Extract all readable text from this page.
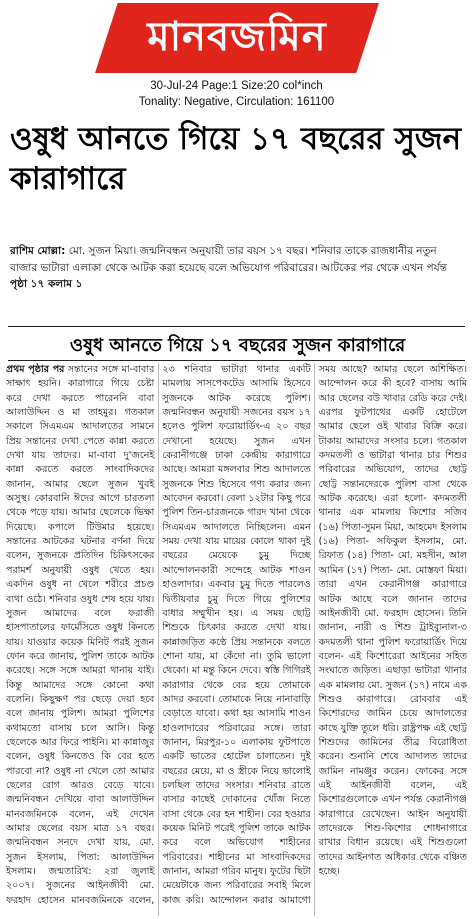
মানবজমিন
30-Jul-24 Page:1 Size:20 col*inch
Tonality: Negative, Circulation: 161100
ওষুধ আনতে গিয়ে ১৭ বছরের সুজন কারাগারে
রাশিম মোল্লা: মো. সুজন মিয়া। জন্মনিবন্ধন অনুযায়ী তার বয়স ১৭ বছর। শনিবার তাকে রাজধানীর নতুন বাজার ভাটারা এলাকা থেকে আটক করা হয়েছে বলে অভিযোগ পরিবারের। আটকের পর থেকে এখন পর্যন্ত পৃষ্ঠা ১৭ কলাম ১
ওষুধ আনতে গিয়ে ১৭ বছরের সুজন কারাগারে

প্রথম পৃষ্ঠার পর সন্তানের সঙ্গে মা-বাবার সাক্ষাৎ হয়নি। কারাগারে গিয়ে চেষ্টা করে দেখা করতে পারেননি বাবা আলাউদ্দিন ও মা তাহমুর। গতকাল সকালে সিএমএম আদালতের সামনে প্রিয় সন্তানের দেখা পেতে কান্না করতে দেখা যায় তাদের। মা-বাবা দু'জনেই কান্না করতে করতে সাংবাদিকদের জানান, আমার ছেলে সুজন খুবই অসুস্থ। কোরবানি ঈদের আগে চারতলা থেকে পড়ে যায়। আমার ছেলেকে ভিক্ষা দিয়েছে। কপালে টিউমার হয়েছে। সন্তানের আটকের ঘটনার বর্ণনা দিয়ে বলেন, সুজনকে প্রতিদিন চিকিৎসকের পরামর্শ অনুযায়ী ওষুধ খেতে হয়। একদিন ওষুধ না খেলে শরীরে প্রচণ্ড ব্যথা ওঠে। শনিবার ওষুধ শেষ হয়ে যায়। সুজন আমাদের বলে ফরাজী হাসপাতালের ফার্মেসিতে ওষুধ কিনতে যায়। যাওয়ার কয়েক মিনিট পরই সুজন ফোন করে জানায়, পুলিশ তাকে আটক করেছে। সঙ্গে সঙ্গে আমরা থানায় যাই। কিন্তু আমাদের সঙ্গে কোনো কথা বলেনি। কিছুক্ষণ পর ছেড়ে দেয়া হবে বলে জানায় পুলিশ। আমরা পুলিশের কথামতো বাসায় চলে আসি। কিন্তু ছেলেকে আর ফিরে পাইনি। মা কান্নাজুর বলেন, ওষুধ কিনতেও কি বের হতে পারবো না? ওষুধ না খেলে তো আমার ছেলের রোগ আরও বেড়ে যাবে। জন্মনিবন্ধন দেখিয়ে বাবা আলাউদ্দিন মানবজমিনকে বলেন, এই দেখেন আমার ছেলের বয়স মাত্র ১৭ বছর। জন্মনিবন্ধন সনদে দেখা যায়, মো. সুজন ইসলাম, পিতা: আলাউদ্দিন ইসলাম। জন্মতারিখ: ২রা জুলাই ২০০৭। সুজনের আইনজীবী মো. ফরহাদ হোসেন মানবজমিনকে বলেন, ২৩ শনিবার ভাটারা থানার একটি মামলায় সাসপেকটেড আসামি হিসেবে সুজনকে আটক করেছে পুলিশ। জন্মনিবন্ধন অনুযায়ী সজনের বয়স ১৭ হলেও পুলিশ ফরোয়ার্ডিং-এ ২০ বছর দেখানো হয়েছে। সুজন এখন কেরানীগঞ্জে ঢাকা কেন্দ্রীয় কারাগারে আছে। আমরা মঙ্গলবার শিশু আদালতে সুজনকে শিশু হিসেবে গণ্য করার জন্য আবেদন করবো। বেলা ১২টার কিছু পরে পুলিশ তিন-চারজনকে গারদ খানা থেকে সিএমএম আদালতে নিচ্ছিলেন। এমন সময় দেখা যায় মায়ের কোলে থাকা দুই বছরের মেয়েকে চুমু দিচ্ছে আন্দোলনকারী সন্দেহে আটক শাওন হাওলাদার। একবার চুমু দিতে পারলেও দ্বিতীয়বার চুমু দিতে গিয়ে পুলিশের বাধার সম্মুখীন হয়। এ সময় ছোট্ট শিশুকে চিৎকার করতে দেখা যায়। কান্নাজড়িত কণ্ঠে প্রিয় সন্তানকে বলতে শোনা যায়, মা কেঁদো না। তুমি ভালো থেকো। মা মন্তু কিনে দেবে। স্বস্তি গিগিরই কারাগার থেকে বের হয়ে তোমাকে আদর করবো। তোমাকে নিয়ে নানাবাড়ি বেড়াতে যাবো। কথা হয় আসামি শাওন হাওলাদারের পরিবারের সঙ্গে। তারা জানান, মিরপুর-১০ এলাকায় ফুটপাতে একটি ভাতের হোটেল চালাতেন। দুই বছরের মেয়ে, মা ও স্ত্রীকে নিয়ে ভালোই চলছিল তাদের সংসার। শনিবার রাতে বাসার কাছেই দোকানের খোঁজ নিতে বাসা থেকে বের হন শাহীন। বের হওয়ার কয়েক মিনিট পরেই পুলিশ তাকে আটক করে বলে অভিযোগ শাহীনের পরিবারের। শাহীনের মা সাংবাদিকদের জানান, আমরা গরিব মানুষ। ফুটের ছিটা মেয়েটাকে জন্য পরিবারের সবাই মিলে কাজ করি। আন্দোলন করার আমাগো সময় আছে? আমার ছেলে অশিক্ষিত। আন্দোলন করে কী হবে? বাসায় আমি আর ছেলের বউ খাবার রেডি করে দেই। এরপর ফুটপাথের একটি হোটেলে আমার ছেলে ওই খাবার বিক্রি করে। টাকায় আমাদের সংসার চলে। গতকাল কদমতলী ও ভাটারা থানার চার শিশুর পরিবারের অভিযোগ, তাদের ছোট্ট ছোট্ট সন্তানদেরকে পুলিশ বাসা থেকে আটক করেছে। এরা হলো- কদমতলী থানার এক মামলায় কিশোর সজিব (১৬) পিতা-সুমন মিয়া, আহমেদ ইসলাম (১৬) পিতা- সফিকুল ইসলাম, মো. রিফাত (১৪) পিতা- মো. মহসীন, আল আমিন (১৭) পিতা- মো. মোস্তফা মিয়া। তারা এখন কেরানীগঞ্জ কারাগারে আটক আছে বলে জানান তাদের আইনজীবী মো. ফরহাদ হোসেন। তিনি জানান, নারী ও শিশু ট্রাইব্যুনাল-৩ কদমতলী থানা পুলিশ ফরোয়ার্ডিং দিয়ে বলেন- এই কিশোরেরা আইনের সহিত সংঘাতে জড়িত। এছাড়া ভাটারা থানার এক মামলায় মো. সুজন (১৭) নামে এক শিশুও কারাগারে। রোববার এই কিশোরদের জামিন চেয়ে আদালতের কাছে যুক্তি তুলে ধরি। রাষ্ট্রপক্ষ এই ছোট্ট শিশুদের জামিনের তীব্র বিরোধিতা করেন। শুনানি শেষে আদালত তাদের জামিন নামঞ্জুর করেন। ফোকের সঙ্গে এই আইনজীবী বলেন, এই কিশোরগুলোকে এখন পর্যন্ত কেরানীগঞ্জ কারাগারে রেখেছেন। আইন অনুযায়ী তাদেরকে শিশু-কিশোর শোধনাগারে রাখার বিধান রয়েছে। এই শিশুগুলো তাদের আইনগত অধিকার থেকে বঞ্চিত হচ্ছে।
